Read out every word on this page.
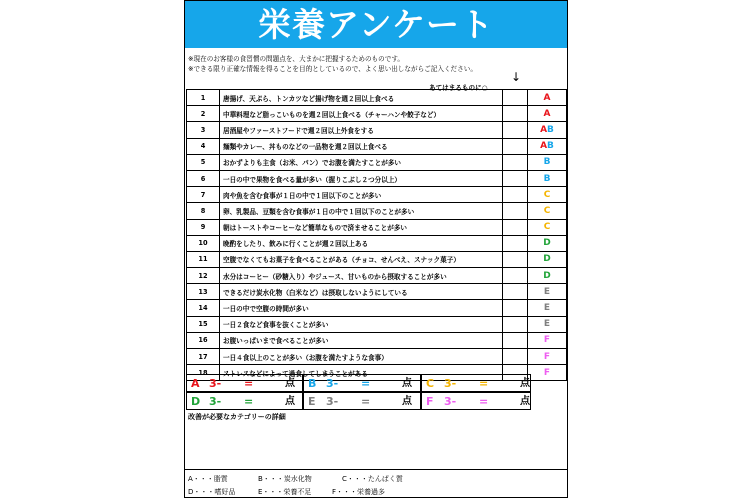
栄養アンケート
※現在のお客様の食習慣の問題点を、大まかに把握するためのものです。
※できる限り正確な情報を得ることを目的としているので、よく思い出しながらご記入ください。
↓
あてはまるものに○
1	唐揚げ、天ぷら、トンカツなど揚げ物を週２回以上食べる		A
2	中華料理など脂っこいものを週２回以上食べる（チャーハンや餃子など）		A
3	居酒屋やファーストフードで週２回以上外食をする		AB
4	麺類やカレー、丼ものなどの一品物を週２回以上食べる		AB
5	おかずよりも主食（お米、パン）でお腹を満たすことが多い		B
6	一日の中で果物を食べる量が多い（握りこぶし２つ分以上）		B
7	肉や魚を含む食事が１日の中で１回以下のことが多い		C
8	卵、乳製品、豆類を含む食事が１日の中で１回以下のことが多い		C
9	朝はトーストやコーヒーなど簡単なもので済ませることが多い		C
10	晩酌をしたり、飲みに行くことが週２回以上ある		D
11	空腹でなくてもお菓子を食べることがある（チョコ、せんべえ、スナック菓子）		D
12	水分はコーヒー（砂糖入り）やジュース、甘いものから摂取することが多い		D
13	できるだけ炭水化物（白米など）は摂取しないようにしている		E
14	一日の中で空腹の時間が多い		E
15	一日２食など食事を抜くことが多い		E
16	お腹いっぱいまで食べることが多い		F
17	一日４食以上のことが多い（お腹を満たすような食事）		F
18	ストレスなどによって過食してしまうことがある		F
A 3- =	点 B 3- =	点 C 3- =	点
D 3- =	点 E 3- =	点 F 3- =	点
改善が必要なカテゴリーの詳細
A・・・脂質	B・・・炭水化物	C・・・たんぱく質
D・・・嗜好品	E・・・栄養不足	F・・・栄養過多
